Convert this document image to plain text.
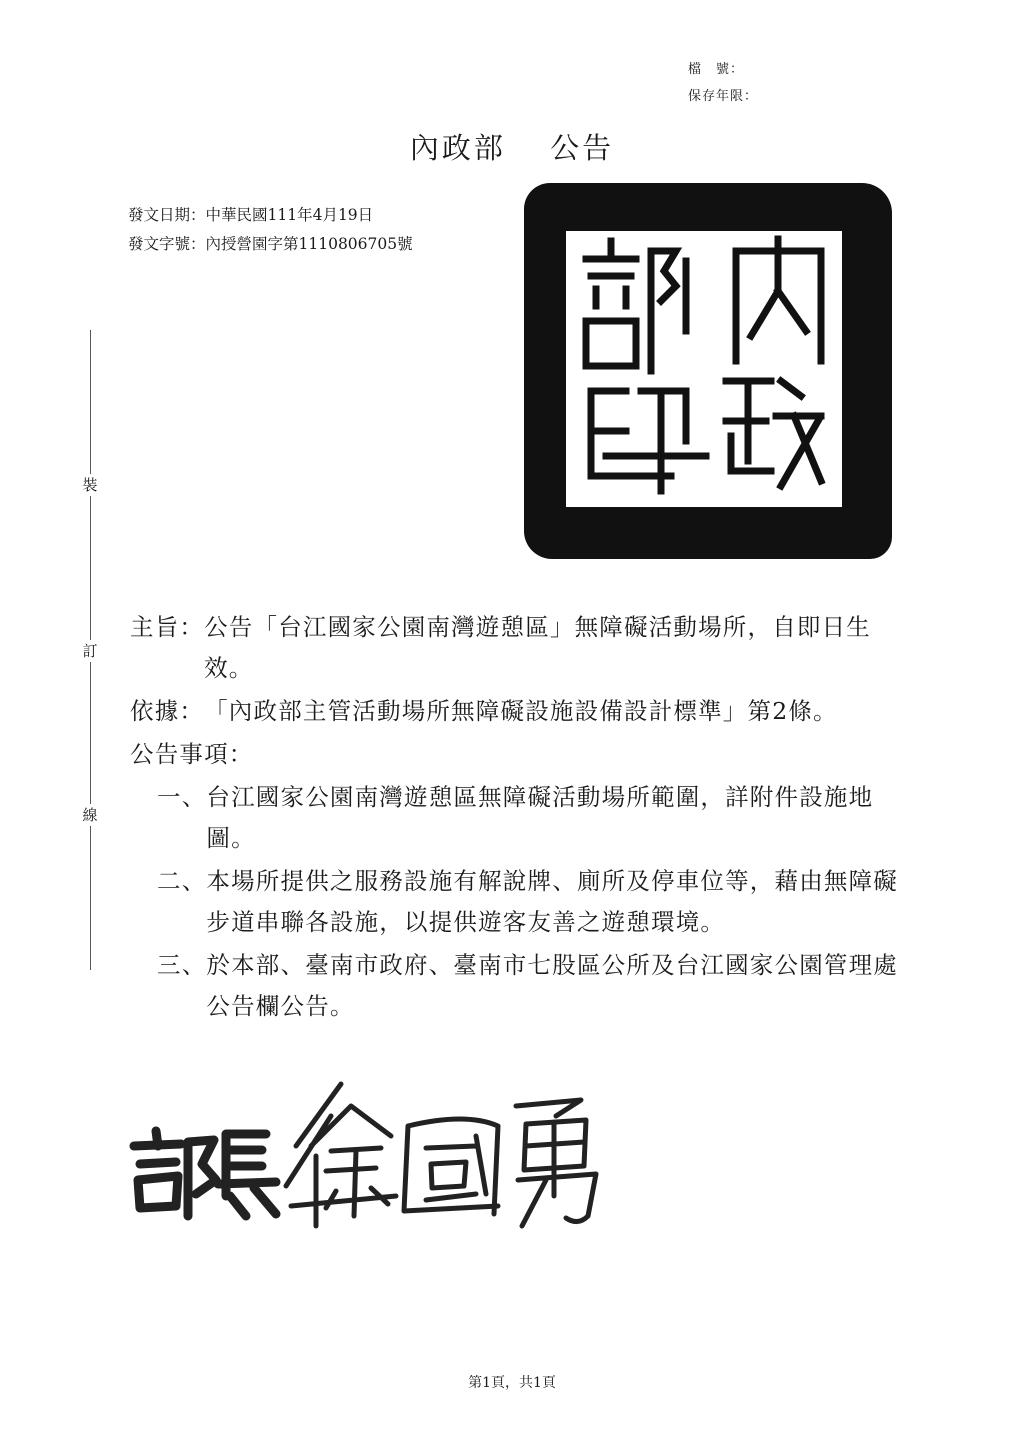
檔　號：
保存年限：
內政部 公告
發文日期：中華民國111年4月19日
發文字號：內授營園字第1110806705號
裝
訂
線
主旨： 公告「台江國家公園南灣遊憩區」無障礙活動場所，自即日生效。
依據： 「內政部主管活動場所無障礙設施設備設計標準」第2條。
公告事項：
一、 台江國家公園南灣遊憩區無障礙活動場所範圍，詳附件設施地圖。
二、 本場所提供之服務設施有解說牌、廁所及停車位等，藉由無障礙步道串聯各設施，以提供遊客友善之遊憩環境。
三、 於本部、臺南市政府、臺南市七股區公所及台江國家公園管理處公告欄公告。
第1頁，共1頁
